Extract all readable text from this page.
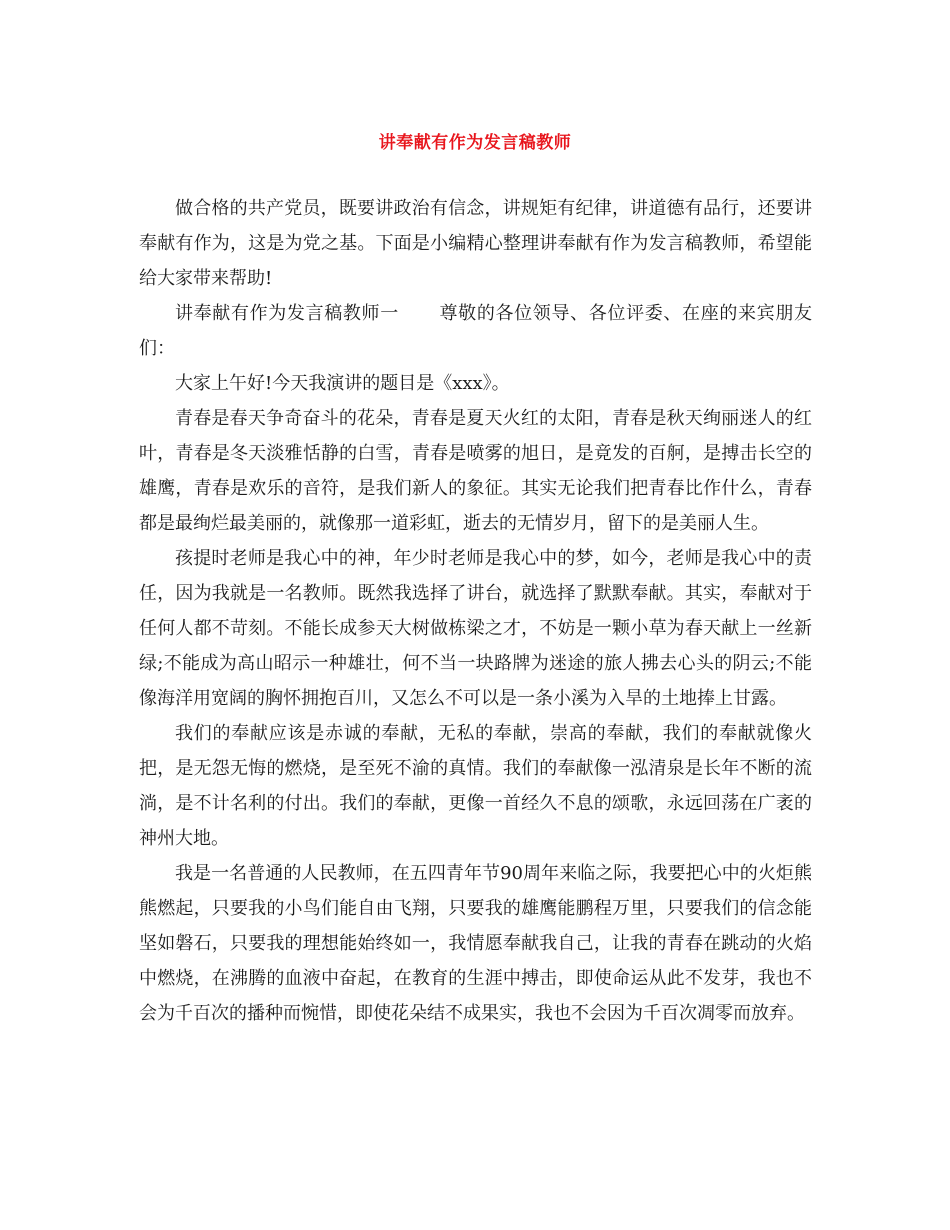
讲奉献有作为发言稿教师

做合格的共产党员，既要讲政治有信念，讲规矩有纪律，讲道德有品行，还要讲奉献有作为，这是为党之基。下面是小编精心整理讲奉献有作为发言稿教师，希望能给大家带来帮助!

讲奉献有作为发言稿教师一 尊敬的各位领导、各位评委、在座的来宾朋友们：

大家上午好!今天我演讲的题目是《xxx》。

青春是春天争奇奋斗的花朵，青春是夏天火红的太阳，青春是秋天绚丽迷人的红叶，青春是冬天淡雅恬静的白雪，青春是喷雾的旭日，是竟发的百舸，是搏击长空的雄鹰，青春是欢乐的音符，是我们新人的象征。其实无论我们把青春比作什么，青春都是最绚烂最美丽的，就像那一道彩虹，逝去的无情岁月，留下的是美丽人生。

孩提时老师是我心中的神，年少时老师是我心中的梦，如今，老师是我心中的责任，因为我就是一名教师。既然我选择了讲台，就选择了默默奉献。其实，奉献对于任何人都不苛刻。不能长成参天大树做栋梁之才，不妨是一颗小草为春天献上一丝新绿;不能成为高山昭示一种雄壮，何不当一块路牌为迷途的旅人拂去心头的阴云;不能像海洋用宽阔的胸怀拥抱百川，又怎么不可以是一条小溪为入旱的土地捧上甘露。

我们的奉献应该是赤诚的奉献，无私的奉献，崇高的奉献，我们的奉献就像火把，是无怨无悔的燃烧，是至死不渝的真情。我们的奉献像一泓清泉是长年不断的流淌，是不计名利的付出。我们的奉献，更像一首经久不息的颂歌，永远回荡在广袤的神州大地。

我是一名普通的人民教师，在五四青年节90周年来临之际，我要把心中的火炬熊熊燃起，只要我的小鸟们能自由飞翔，只要我的雄鹰能鹏程万里，只要我们的信念能坚如磐石，只要我的理想能始终如一，我情愿奉献我自己，让我的青春在跳动的火焰中燃烧，在沸腾的血液中奋起，在教育的生涯中搏击，即使命运从此不发芽，我也不会为千百次的播种而惋惜，即使花朵结不成果实，我也不会因为千百次凋零而放弃。
